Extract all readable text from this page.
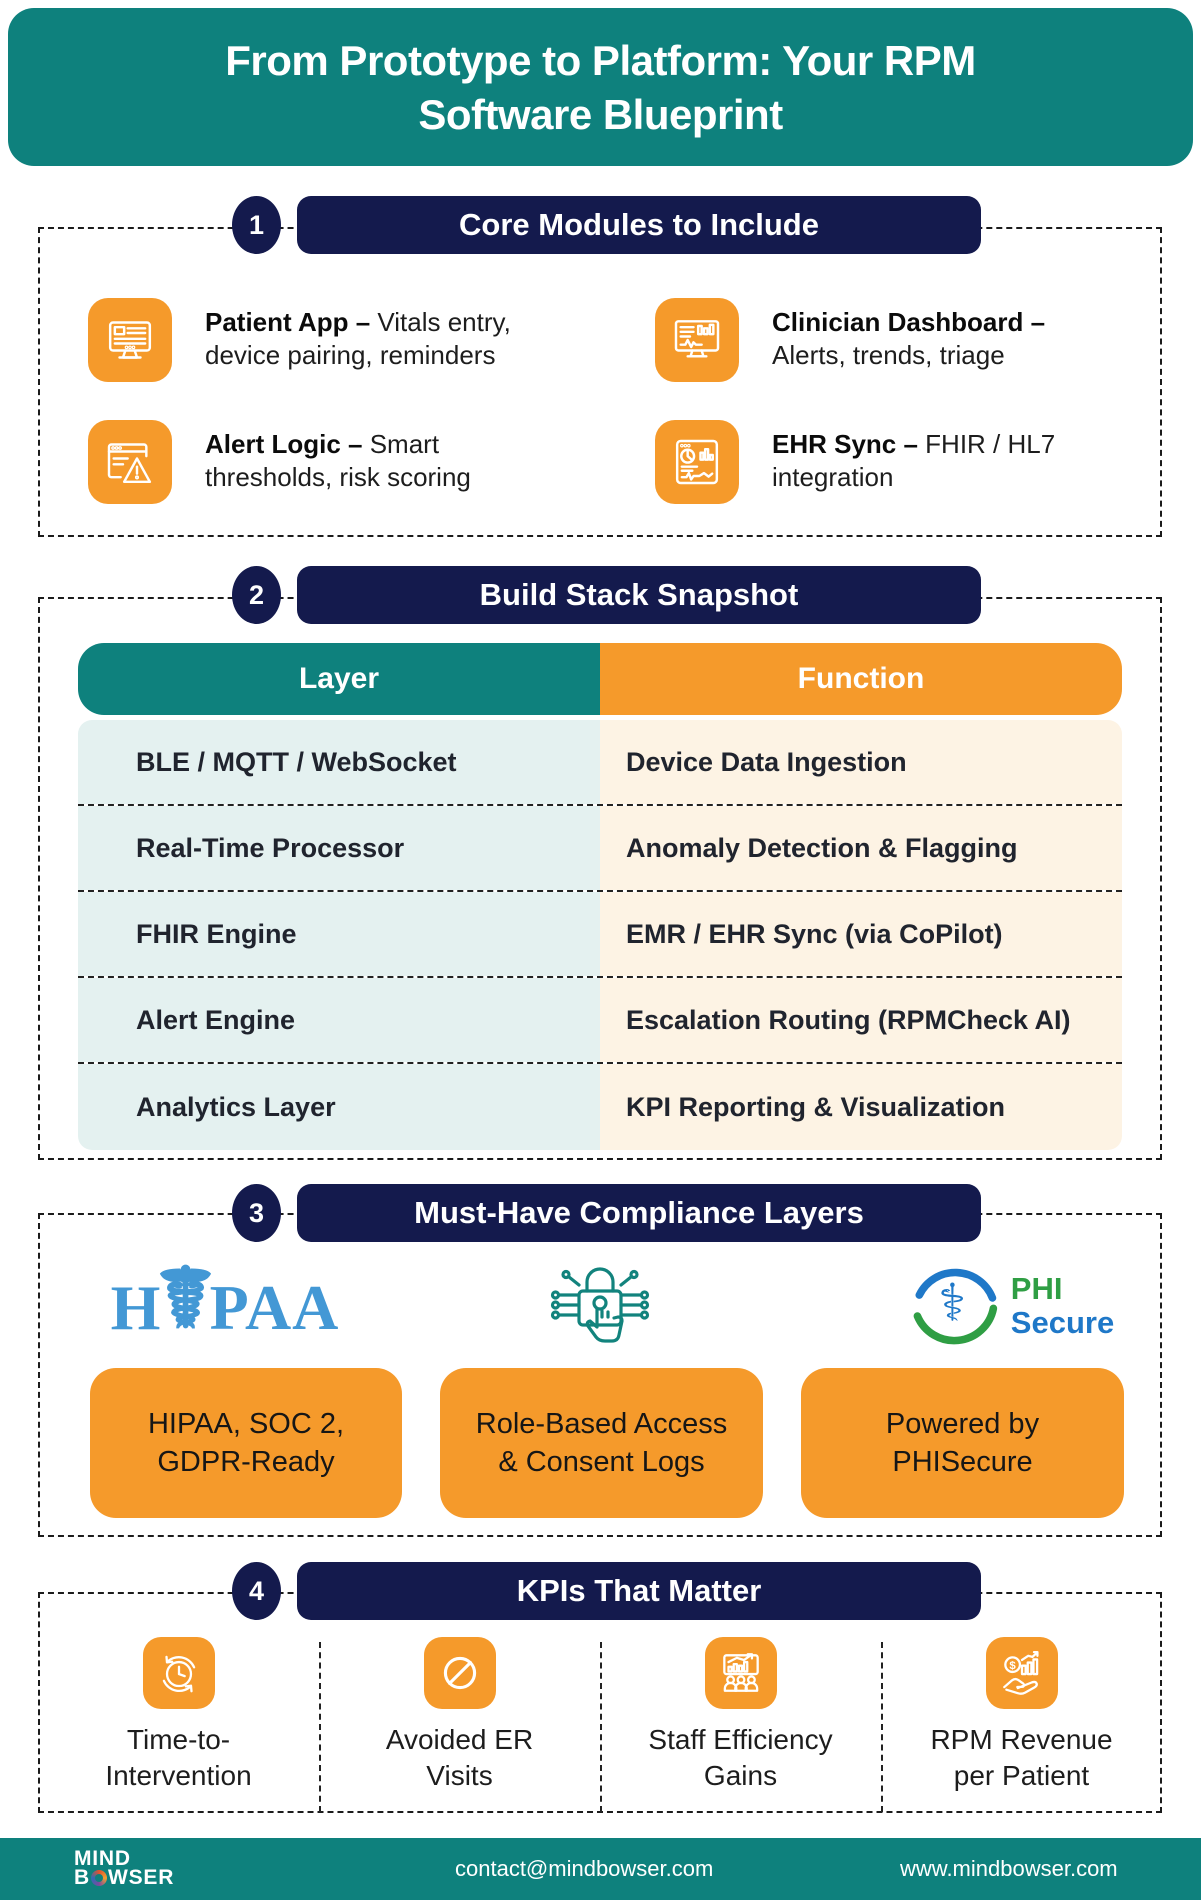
From Prototype to Platform: Your RPM
Software Blueprint
1	Core Modules to Include
Patient App – Vitals entry, device pairing, reminders
Clinician Dashboard – Alerts, trends, triage
Alert Logic – Smart thresholds, risk scoring
EHR Sync – FHIR / HL7 integration
2	Build Stack Snapshot
Layer	Function
BLE / MQTT / WebSocket	Device Data Ingestion
Real-Time Processor	Anomaly Detection & Flagging
FHIR Engine	EMR / EHR Sync (via CoPilot)
Alert Engine	Escalation Routing (RPMCheck AI)
Analytics Layer	KPI Reporting & Visualization
3	Must-Have Compliance Layers
H
☤
PAA	⚕ PHI
Secure
HIPAA, SOC 2,
GDPR-Ready
Role-Based Access
& Consent Logs
Powered by
PHISecure
4	KPIs That Matter
Time-to-
Intervention
Avoided ER
Visits
Staff Efficiency
Gains
$
RPM Revenue
per Patient
MIND
B WSER	contact@mindbowser.com	www.mindbowser.com
